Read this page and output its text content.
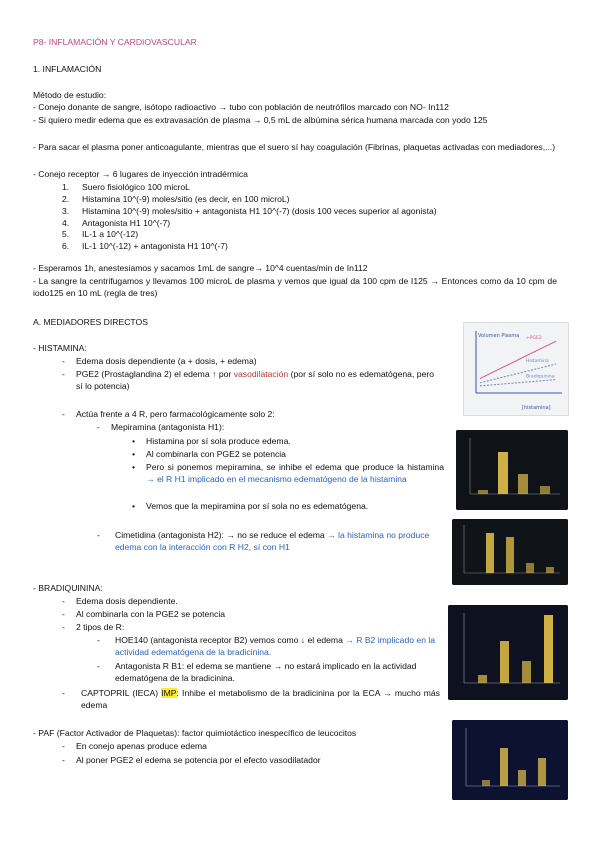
P8- INFLAMACIÓN Y CARDIOVASCULAR
1. INFLAMACIÓN
Método de estudio:
- Conejo donante de sangre, isótopo radioactivo → tubo con población de neutrófilos marcado con NO- In112
- Si quiero medir edema que es extravasación de plasma → 0,5 mL de albúmina sérica humana marcada con yodo 125
- Para sacar el plasma poner anticoagulante, mientras que el suero sí hay coagulación (Fibrinas, plaquetas activadas con mediadores,...)
- Conejo receptor → 6 lugares de inyección intradérmica
1. Suero fisiológico 100 microL
2. Histamina 10^(-9) moles/sitio (es decir, en 100 microL)
3. Histamina 10^(-9) moles/sitio + antagonista H1 10^(-7) (dosis 100 veces superior al agonista)
4. Antagonista H1 10^(-7)
5. IL-1 a 10^(-12)
6. IL-1 10^(-12) + antagonista H1 10^(-7)
- Esperamos 1h, anestesiamos y sacamos 1mL de sangre→ 10^4 cuentas/min de In112
- La sangre la centrifugamos y llevamos 100 microL de plasma y vemos que igual da 100 cpm de I125 → Entonces como da 10 cpm de iodo125 en 10 mL (regla de tres)
A. MEDIADORES DIRECTOS
- HISTAMINA:
- Edema dosis dependiente (a + dosis, + edema)
- PGE2 (Prostaglandina 2) el edema ↑ por vasodilatación (por sí solo no es edematógena, pero sí lo potencia)
- Actúa frente a 4 R, pero farmacológicamente solo 2:
- Mepiramina (antagonista H1):
• Histamina por sí sola produce edema.
• Al combinarla con PGE2 se potencia
• Pero si ponemos mepiramina, se inhibe el edema que produce la histamina → el R H1 implicado en el mecanismo edematógeno de la histamina
• Vemos que la mepiramina por sí sola no es edematógena.
- Cimetidina (antagonista H2): → no se reduce el edema → la histamina no produce edema con la interacción con R H2, sí con H1
- BRADIQUININA:
- Edema dosis dependiente.
- Al combinarla con la PGE2 se potencia
- 2 tipos de R:
- HOE140 (antagonista receptor B2) vemos como ↓ el edema → R B2 implicado en la actividad edematógena de la bradicinina.
- Antagonista R B1: el edema se mantiene → no estará implicado en la actividad edematógena de la bradicinina.
- CAPTOPRIL (IECA) IMP: Inhibe el metabolismo de la bradicinina por la ECA → mucho más edema
- PAF (Factor Activador de Plaquetas): factor quimiotáctico inespecífico de leucocitos
- En conejo apenas produce edema
- Al poner PGE2 el edema se potencia por el efecto vasodilatador
Volumen Plasma
[histamina]
+PGE2
Histamina
Bradiquinina
